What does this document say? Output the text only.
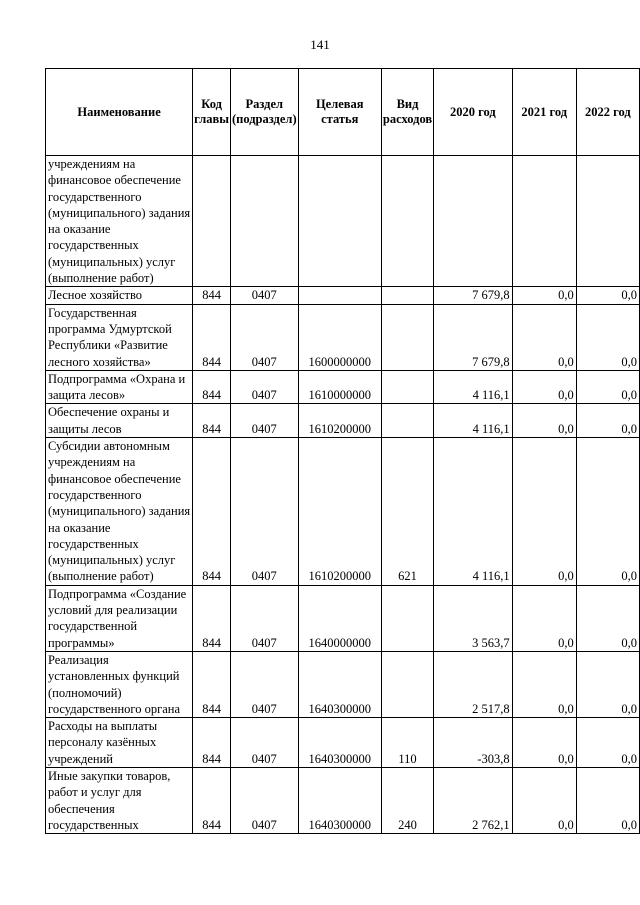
141
Наименование	Код главы	Раздел (подраздел)	Целевая статья	Вид расходов	2020 год	2021 год	2022 год
учреждениям на финансовое обеспечение государственного (муниципального) задания на оказание государственных (муниципальных) услуг (выполнение работ)							
Лесное хозяйство	844	0407			7 679,8	0,0	0,0
Государственная программа Удмуртской Республики «Развитие лесного хозяйства»	844	0407	1600000000		7 679,8	0,0	0,0
Подпрограмма «Охрана и защита лесов»	844	0407	1610000000		4 116,1	0,0	0,0
Обеспечение охраны и защиты лесов	844	0407	1610200000		4 116,1	0,0	0,0
Субсидии автономным учреждениям на финансовое обеспечение государственного (муниципального) задания на оказание государственных (муниципальных) услуг (выполнение работ)	844	0407	1610200000	621	4 116,1	0,0	0,0
Подпрограмма «Создание условий для реализации государственной программы»	844	0407	1640000000		3 563,7	0,0	0,0
Реализация установленных функций (полномочий) государственного органа	844	0407	1640300000		2 517,8	0,0	0,0
Расходы на выплаты персоналу казённых учреждений	844	0407	1640300000	110	-303,8	0,0	0,0
Иные закупки товаров, работ и услуг для обеспечения государственных	844	0407	1640300000	240	2 762,1	0,0	0,0
